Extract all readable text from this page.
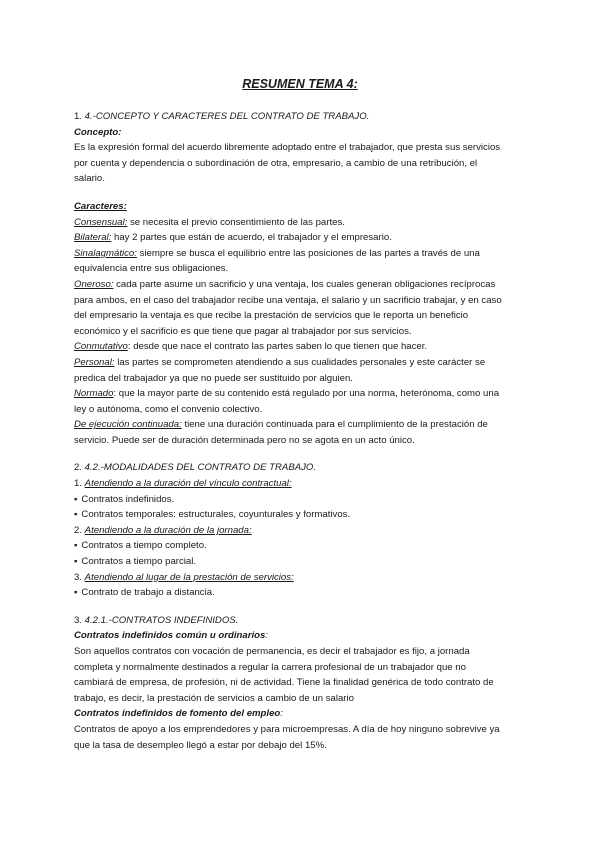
RESUMEN TEMA 4:
1. 4.-CONCEPTO Y CARACTERES DEL CONTRATO DE TRABAJO.
Concepto:
Es la expresión formal del acuerdo libremente adoptado entre el trabajador, que presta sus servicios
por cuenta y dependencia o subordinación de otra, empresario, a cambio de una retribución, el
salario.
Caracteres:
Consensual: se necesita el previo consentimiento de las partes.
Bilateral: hay 2 partes que están de acuerdo, el trabajador y el empresario.
Sinalagmático: siempre se busca el equilibrio entre las posiciones de las partes a través de una
equivalencia entre sus obligaciones.
Oneroso: cada parte asume un sacrificio y una ventaja, los cuales generan obligaciones recíprocas
para ambos, en el caso del trabajador recibe una ventaja, el salario y un sacrificio trabajar, y en caso
del empresario la ventaja es que recibe la prestación de servicios que le reporta un beneficio
económico y el sacrificio es que tiene que pagar al trabajador por sus servicios.
Conmutativo: desde que nace el contrato las partes saben lo que tienen que hacer.
Personal: las partes se comprometen atendiendo a sus cualidades personales y este carácter se
predica del trabajador ya que no puede ser sustituido por alguien.
Normado: que la mayor parte de su contenido está regulado por una norma, heterónoma, como una
ley o autónoma, como el convenio colectivo.
De ejecución continuada: tiene una duración continuada para el cumplimiento de la prestación de
servicio. Puede ser de duración determinada pero no se agota en un acto único.
2. 4.2.-MODALIDADES DEL CONTRATO DE TRABAJO.
1. Atendiendo a la duración del vínculo contractual:
▪ Contratos indefinidos.
▪ Contratos temporales: estructurales, coyunturales y formativos.
2. Atendiendo a la duración de la jornada:
▪ Contratos a tiempo completo.
▪ Contratos a tiempo parcial.
3. Atendiendo al lugar de la prestación de servicios:
▪ Contrato de trabajo a distancia.
3. 4.2.1.-CONTRATOS INDEFINIDOS.
Contratos indefinidos común u ordinarios:
Son aquellos contratos con vocación de permanencia, es decir el trabajador es fijo, a jornada
completa y normalmente destinados a regular la carrera profesional de un trabajador que no
cambiará de empresa, de profesión, ni de actividad. Tiene la finalidad genérica de todo contrato de
trabajo, es decir, la prestación de servicios a cambio de un salario
Contratos indefinidos de fomento del empleo:
Contratos de apoyo a los emprendedores y para microempresas. A día de hoy ninguno sobrevive ya
que la tasa de desempleo llegó a estar por debajo del 15%.
